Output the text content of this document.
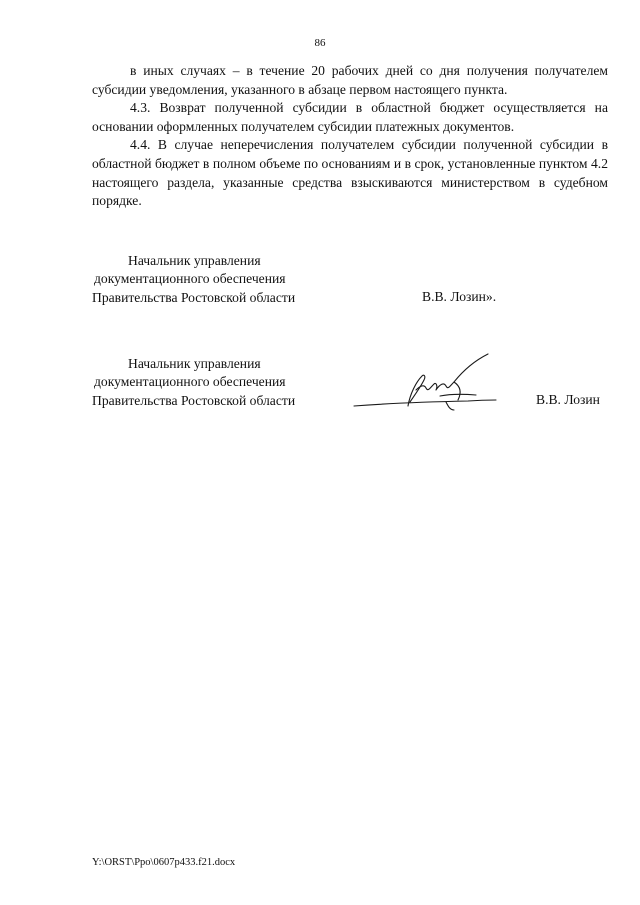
86

в иных случаях – в течение 20 рабочих дней со дня получения получателем субсидии уведомления, указанного в абзаце первом настоящего пункта.

4.3. Возврат полученной субсидии в областной бюджет осуществляется на основании оформленных получателем субсидии платежных документов.

4.4. В случае неперечисления получателем субсидии полученной субсидии в областной бюджет в полном объеме по основаниям и в срок, установленные пунктом 4.2 настоящего раздела, указанные средства взыскиваются министерством в судебном порядке.

Начальник управления
документационного обеспечения
Правительства Ростовской области	В.В. Лозин».
Начальник управления
документационного обеспечения
Правительства Ростовской области	В.В. Лозин
Y:\ORST\Ppo\0607p433.f21.docx
